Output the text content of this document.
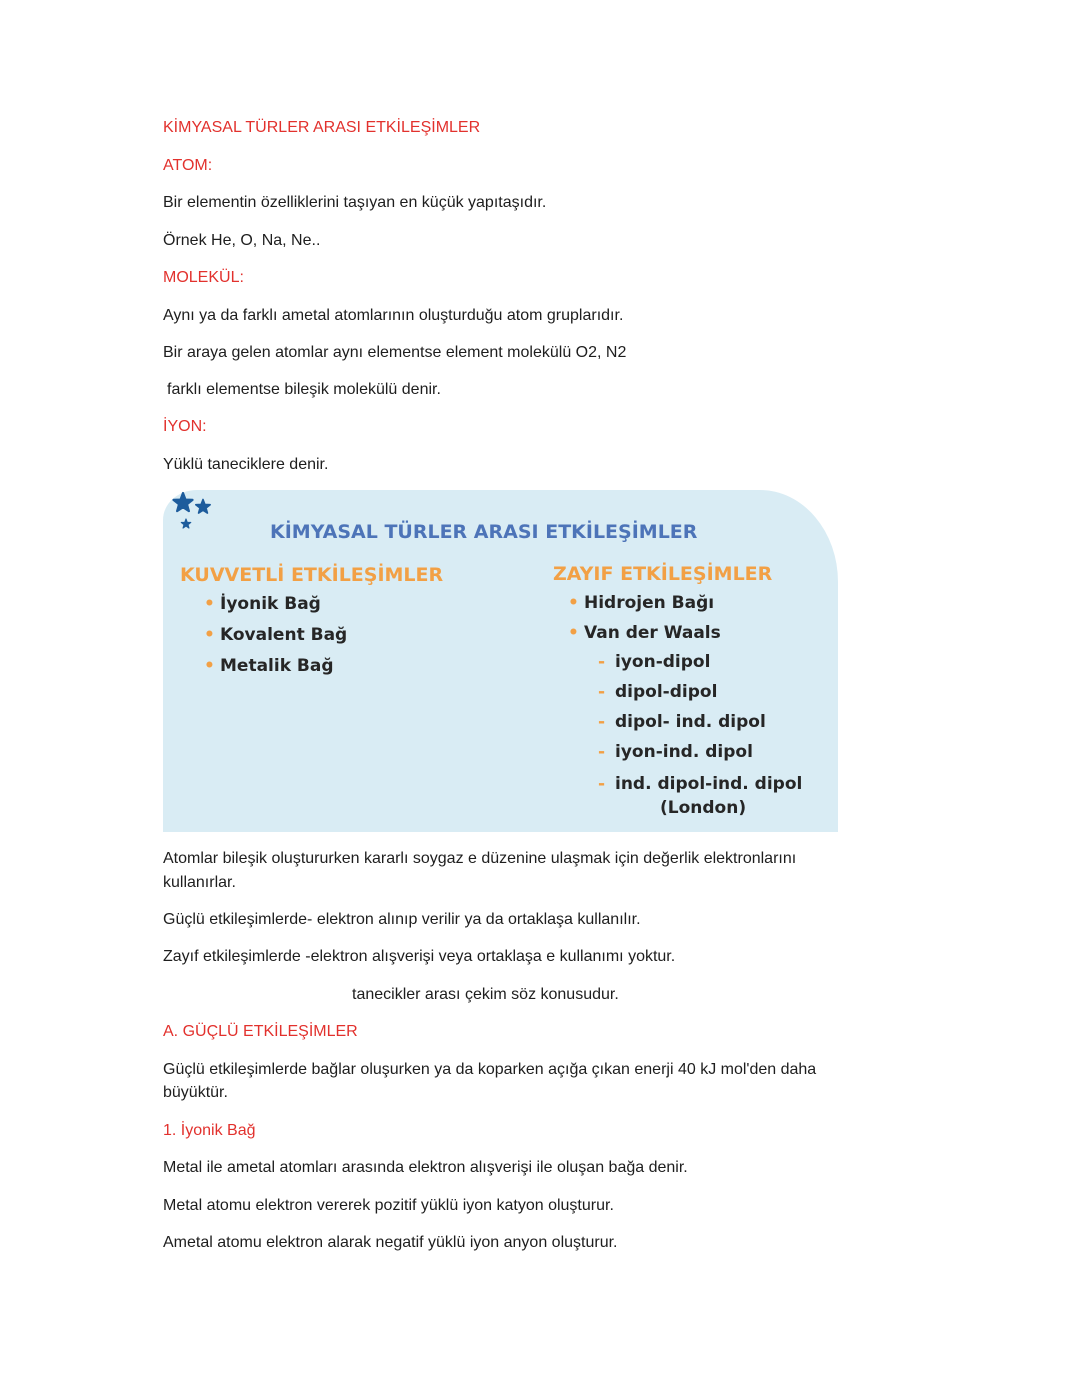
KİMYASAL TÜRLER ARASI ETKİLEŞİMLER

ATOM:

Bir elementin özelliklerini taşıyan en küçük yapıtaşıdır.

Örnek He, O, Na, Ne..

MOLEKÜL:

Aynı ya da farklı ametal atomlarının oluşturduğu atom gruplarıdır.

Bir araya gelen atomlar aynı elementse element molekülü O2, N2

farklı elementse bileşik molekülü denir.

İYON:

Yüklü taneciklere denir.

KİMYASAL TÜRLER ARASI ETKİLEŞİMLER
KUVVETLİ ETKİLEŞİMLER
• İyonik Bağ
• Kovalent Bağ
• Metalik Bağ
ZAYIF ETKİLEŞİMLER
• Hidrojen Bağı
• Van der Waals
- iyon-dipol
- dipol-dipol
- dipol- ind. dipol
- iyon-ind. dipol
- ind. dipol-ind. dipol
(London)

Atomlar bileşik oluştururken kararlı soygaz e düzenine ulaşmak için değerlik elektronlarını

kullanırlar.

Güçlü etkileşimlerde- elektron alınıp verilir ya da ortaklaşa kullanılır.

Zayıf etkileşimlerde -elektron alışverişi veya ortaklaşa e kullanımı yoktur.

tanecikler arası çekim söz konusudur.

A. GÜÇLÜ ETKİLEŞİMLER

Güçlü etkileşimlerde bağlar oluşurken ya da koparken açığa çıkan enerji 40 kJ mol'den daha

büyüktür.

1. İyonik Bağ

Metal ile ametal atomları arasında elektron alışverişi ile oluşan bağa denir.

Metal atomu elektron vererek pozitif yüklü iyon katyon oluşturur.

Ametal atomu elektron alarak negatif yüklü iyon anyon oluşturur.
